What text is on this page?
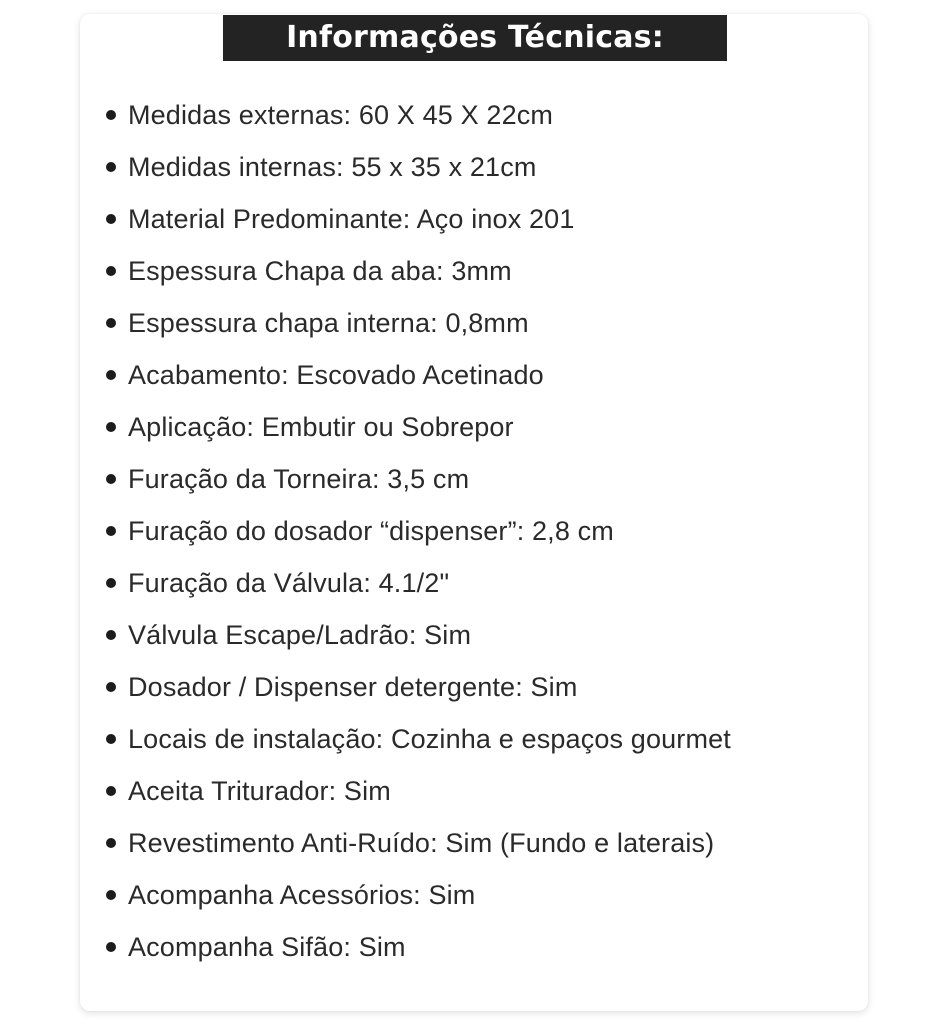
Informações Técnicas:
Medidas externas: 60 X 45 X 22cm
Medidas internas: 55 x 35 x 21cm
Material Predominante: Aço inox 201
Espessura Chapa da aba: 3mm
Espessura chapa interna: 0,8mm
Acabamento: Escovado Acetinado
Aplicação: Embutir ou Sobrepor
Furação da Torneira: 3,5 cm
Furação do dosador “dispenser”: 2,8 cm
Furação da Válvula: 4.1/2"
Válvula Escape/Ladrão: Sim
Dosador / Dispenser detergente: Sim
Locais de instalação: Cozinha e espaços gourmet
Aceita Triturador: Sim
Revestimento Anti-Ruído: Sim (Fundo e laterais)
Acompanha Acessórios: Sim
Acompanha Sifão: Sim
